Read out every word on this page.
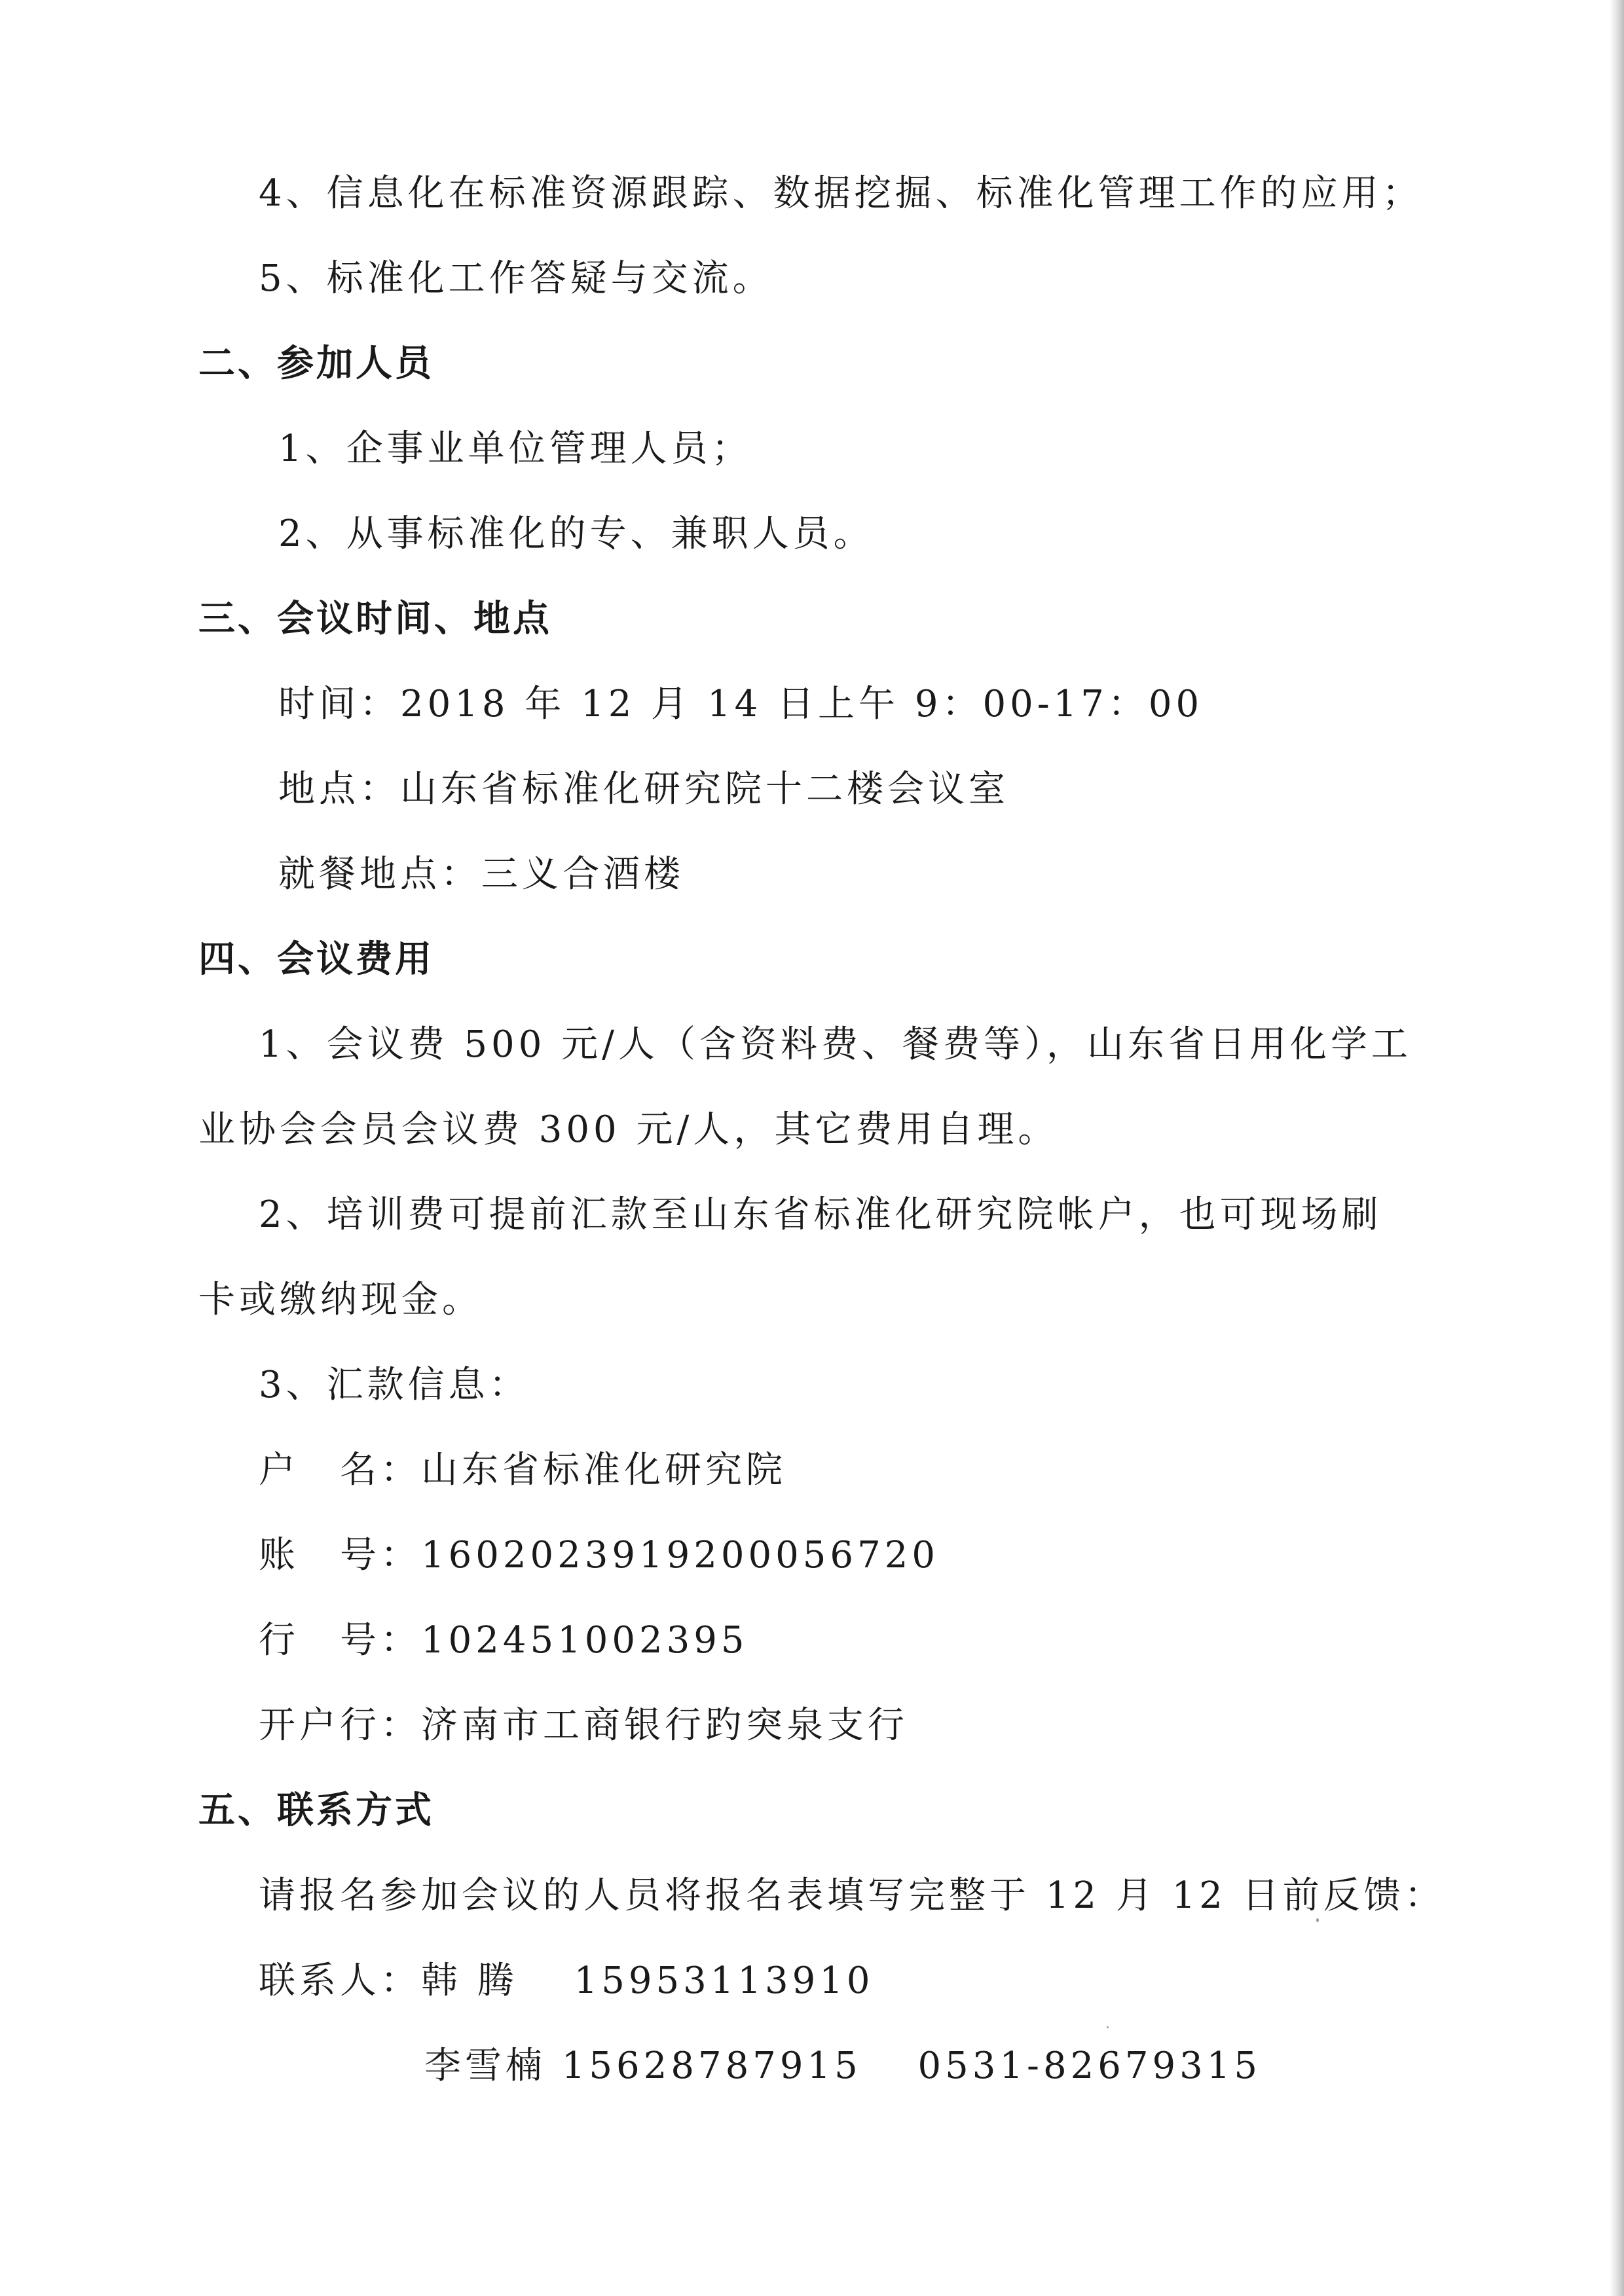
4、信息化在标准资源跟踪、数据挖掘、标准化管理工作的应用；
5、标准化工作答疑与交流。
二、参加人员
1、企事业单位管理人员；
2、从事标准化的专、兼职人员。
三、会议时间、地点
时间：2018 年 12 月 14 日上午 9：00-17：00
地点：山东省标准化研究院十二楼会议室
就餐地点：三义合酒楼
四、会议费用
1、会议费 500 元/人（含资料费、餐费等），山东省日用化学工
业协会会员会议费 300 元/人，其它费用自理。
2、培训费可提前汇款至山东省标准化研究院帐户，也可现场刷
卡或缴纳现金。
3、汇款信息：
户　名：山东省标准化研究院
账　号：1602023919200056720
行　号：102451002395
开户行：济南市工商银行趵突泉支行
五、联系方式
请报名参加会议的人员将报名表填写完整于 12 月 12 日前反馈：
联系人：韩 腾　 15953113910
李雪楠 15628787915　 0531-82679315
